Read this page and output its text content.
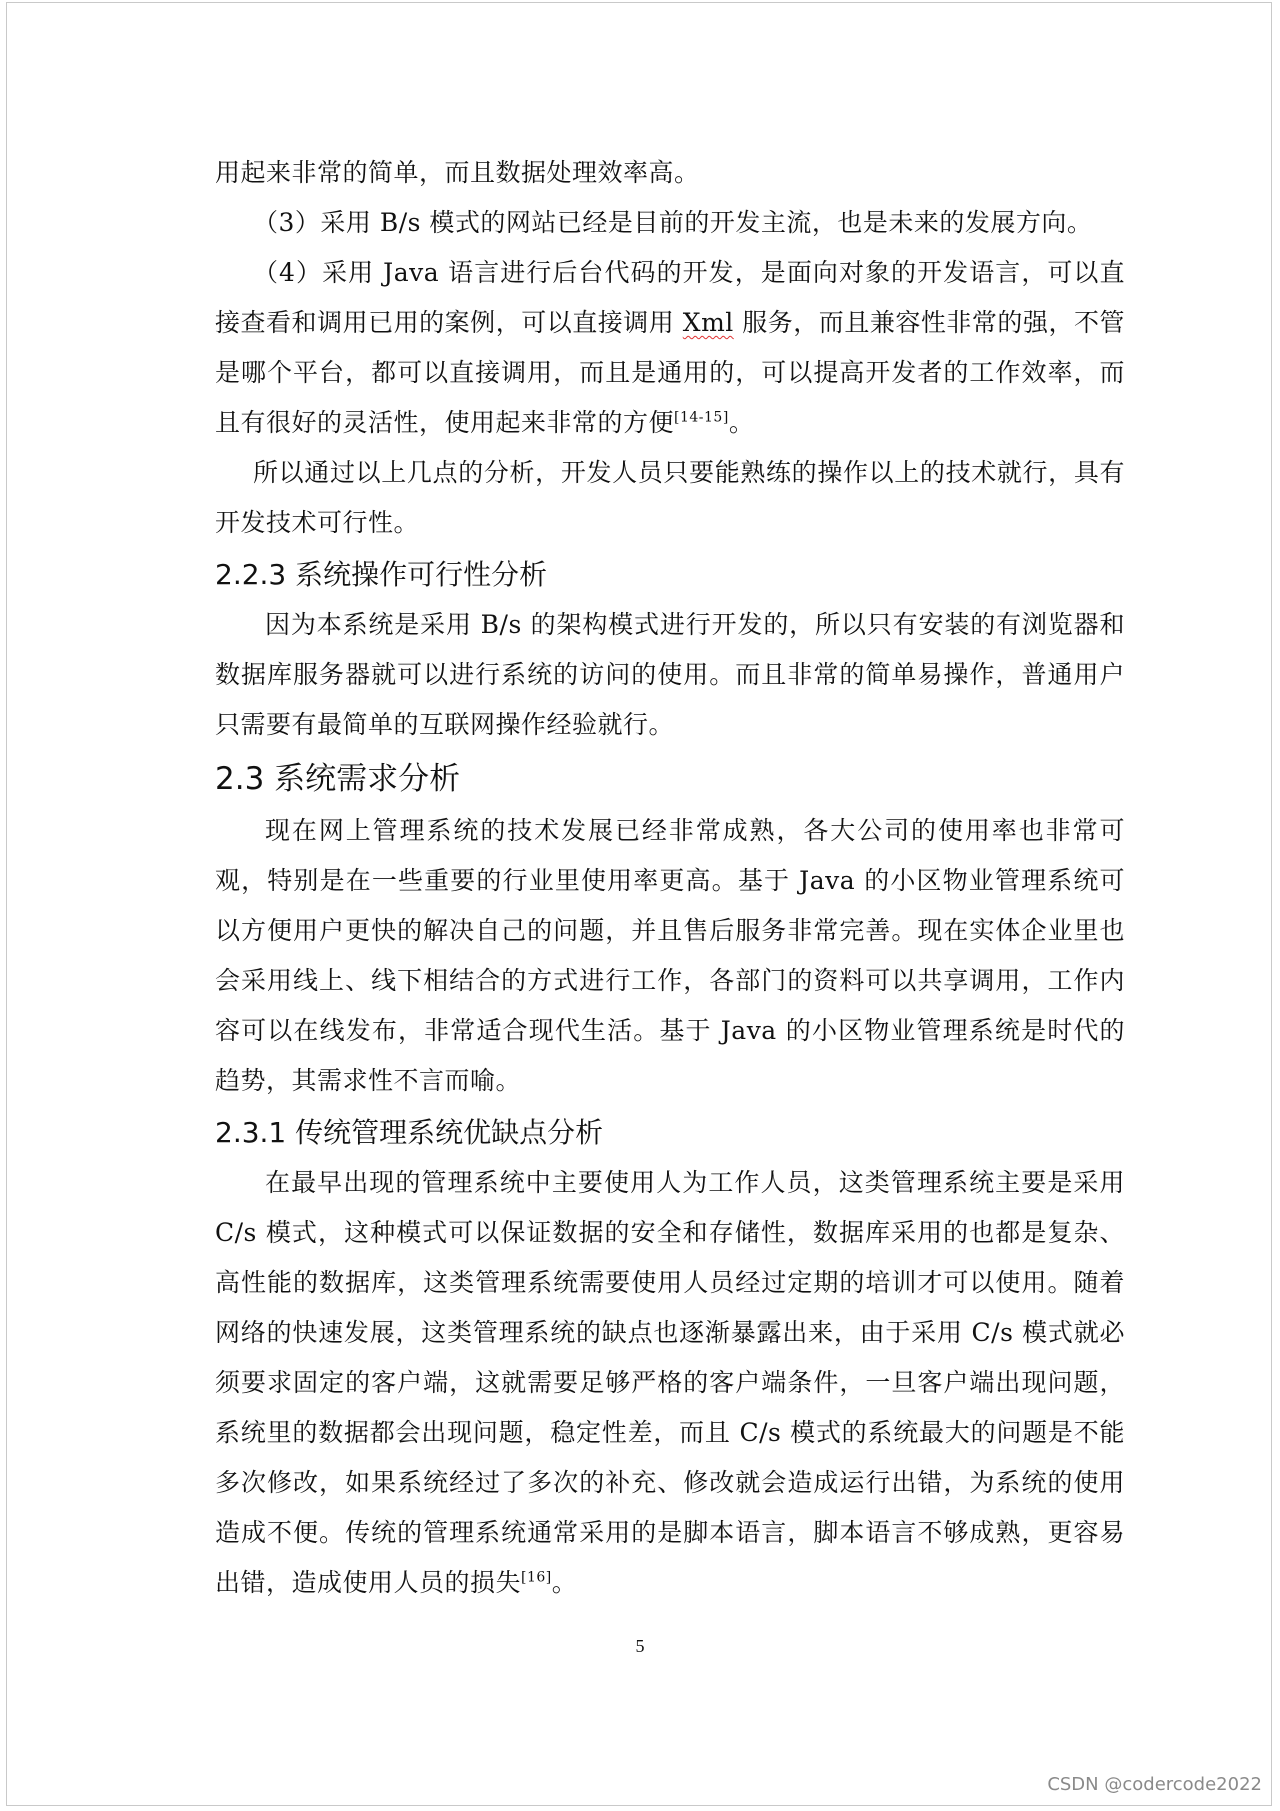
用起来非常的简单，而且数据处理效率高。

（3）采用 B/s 模式的网站已经是目前的开发主流，也是未来的发展方向。

（4）采用 Java 语言进行后台代码的开发，是面向对象的开发语言，可以直接查看和调用已用的案例，可以直接调用 Xml 服务，而且兼容性非常的强，不管是哪个平台，都可以直接调用，而且是通用的，可以提高开发者的工作效率，而且有很好的灵活性，使用起来非常的方便[14-15]。

所以通过以上几点的分析，开发人员只要能熟练的操作以上的技术就行，具有开发技术可行性。

2.2.3 系统操作可行性分析

因为本系统是采用 B/s 的架构模式进行开发的，所以只有安装的有浏览器和数据库服务器就可以进行系统的访问的使用。而且非常的简单易操作，普通用户只需要有最简单的互联网操作经验就行。

2.3 系统需求分析

现在网上管理系统的技术发展已经非常成熟，各大公司的使用率也非常可观，特别是在一些重要的行业里使用率更高。基于 Java 的小区物业管理系统可以方便用户更快的解决自己的问题，并且售后服务非常完善。现在实体企业里也会采用线上、线下相结合的方式进行工作，各部门的资料可以共享调用，工作内容可以在线发布，非常适合现代生活。基于 Java 的小区物业管理系统是时代的趋势，其需求性不言而喻。

2.3.1 传统管理系统优缺点分析

在最早出现的管理系统中主要使用人为工作人员，这类管理系统主要是采用 C/s 模式，这种模式可以保证数据的安全和存储性，数据库采用的也都是复杂、高性能的数据库，这类管理系统需要使用人员经过定期的培训才可以使用。随着网络的快速发展，这类管理系统的缺点也逐渐暴露出来，由于采用 C/s 模式就必须要求固定的客户端，这就需要足够严格的客户端条件，一旦客户端出现问题，系统里的数据都会出现问题，稳定性差，而且 C/s 模式的系统最大的问题是不能多次修改，如果系统经过了多次的补充、修改就会造成运行出错，为系统的使用造成不便。传统的管理系统通常采用的是脚本语言，脚本语言不够成熟，更容易出错，造成使用人员的损失[16]。

5
CSDN @codercode2022
